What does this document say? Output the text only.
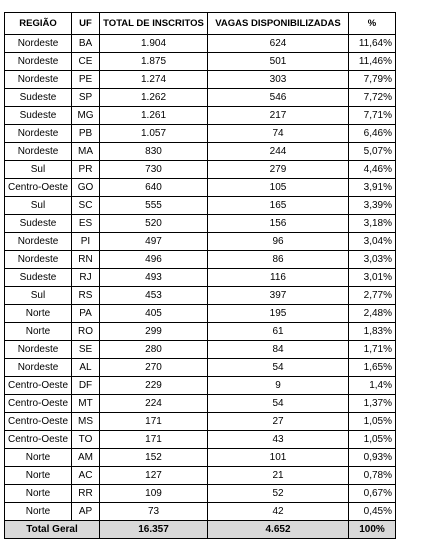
REGIÃO	UF	TOTAL DE INSCRITOS	VAGAS DISPONIBILIZADAS	%
Nordeste	BA	1.904	624	11,64%
Nordeste	CE	1.875	501	11,46%
Nordeste	PE	1.274	303	7,79%
Sudeste	SP	1.262	546	7,72%
Sudeste	MG	1.261	217	7,71%
Nordeste	PB	1.057	74	6,46%
Nordeste	MA	830	244	5,07%
Sul	PR	730	279	4,46%
Centro-Oeste	GO	640	105	3,91%
Sul	SC	555	165	3,39%
Sudeste	ES	520	156	3,18%
Nordeste	PI	497	96	3,04%
Nordeste	RN	496	86	3,03%
Sudeste	RJ	493	116	3,01%
Sul	RS	453	397	2,77%
Norte	PA	405	195	2,48%
Norte	RO	299	61	1,83%
Nordeste	SE	280	84	1,71%
Nordeste	AL	270	54	1,65%
Centro-Oeste	DF	229	9	1,4%
Centro-Oeste	MT	224	54	1,37%
Centro-Oeste	MS	171	27	1,05%
Centro-Oeste	TO	171	43	1,05%
Norte	AM	152	101	0,93%
Norte	AC	127	21	0,78%
Norte	RR	109	52	0,67%
Norte	AP	73	42	0,45%
Total Geral		16.357	4.652	100%
